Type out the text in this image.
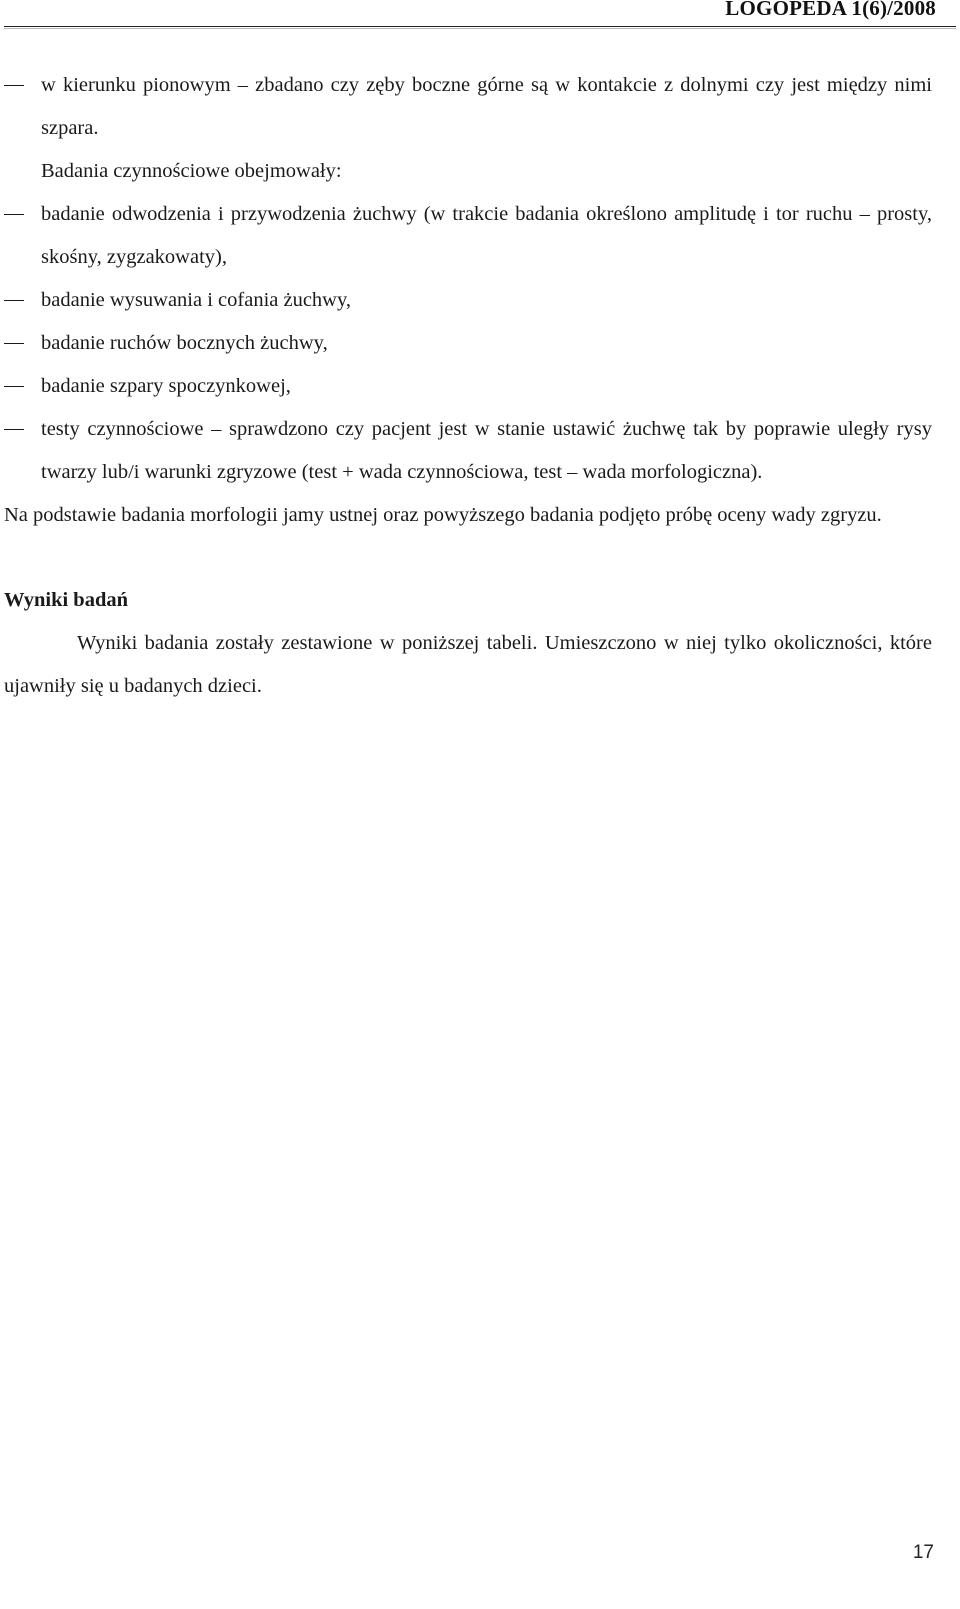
LOGOPEDA 1(6)/2008
w kierunku pionowym – zbadano czy zęby boczne górne są w kontakcie z dolnymi czy jest między nimi szpara.
Badania czynnościowe obejmowały:
badanie odwodzenia i przywodzenia żuchwy (w trakcie badania określono amplitudę i tor ruchu – prosty, skośny, zygzakowaty),
badanie wysuwania i cofania żuchwy,
badanie ruchów bocznych żuchwy,
badanie szpary spoczynkowej,
testy czynnościowe – sprawdzono czy pacjent jest w stanie ustawić żuchwę tak by poprawie uległy rysy twarzy lub/i warunki zgryzowe (test + wada czynnościowa, test – wada morfologiczna).
Na podstawie badania morfologii jamy ustnej oraz powyższego badania podjęto próbę oceny wady zgryzu.
Wyniki badań
Wyniki badania zostały zestawione w poniższej tabeli. Umieszczono w niej tylko okoliczności, które ujawniły się u badanych dzieci.
17
